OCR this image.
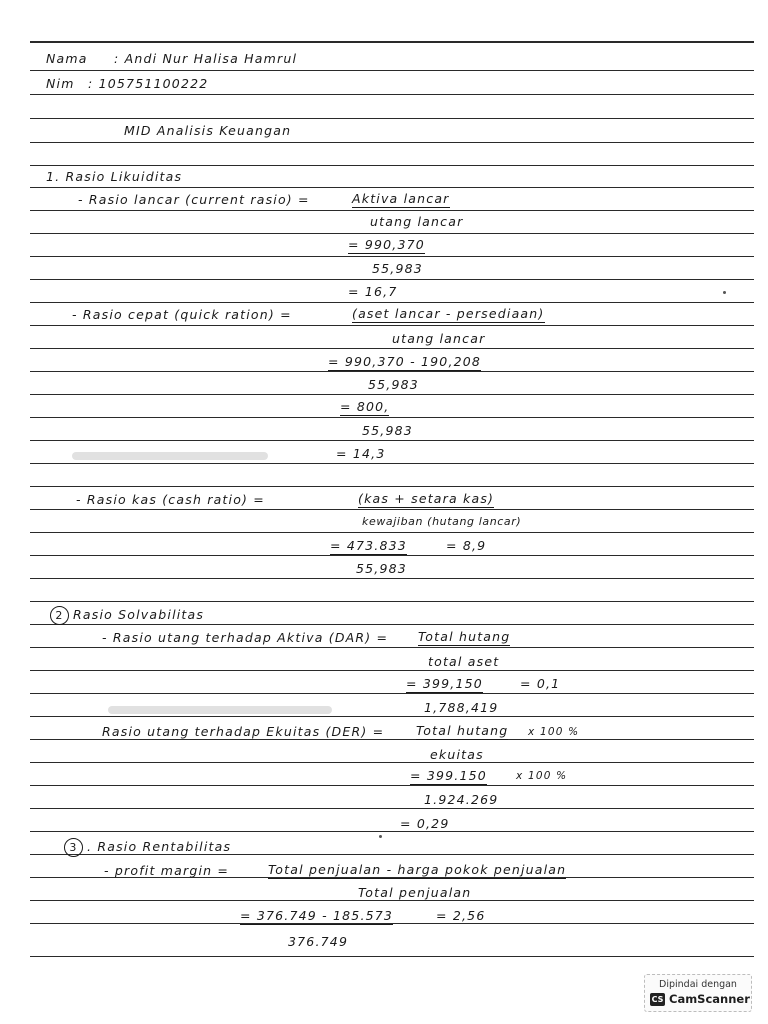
Nama : Andi Nur Halisa Hamrul
Nim : 105751100222
MID Analisis Keuangan
1. Rasio Likuiditas
- Rasio lancar (current rasio) =	Aktiva lancar
utang lancar
= 990,370
55,983
= 16,7
- Rasio cepat (quick ration) =	(aset lancar - persediaan)
utang lancar
= 990,370 - 190,208
55,983
= 800,
55,983
= 14,3
- Rasio kas (cash ratio) =	(kas + setara kas)
kewajiban (hutang lancar)
= 473.833	= 8,9
55,983
2 Rasio Solvabilitas
- Rasio utang terhadap Aktiva (DAR) = Total hutang
total aset
= 399,150	= 0,1
1,788,419
Rasio utang terhadap Ekuitas (DER) =	Total hutang x 100 %
ekuitas
= 399.150	x 100 %
1.924.269
= 0,29
3 . Rasio Rentabilitas
- profit margin =	Total penjualan - harga pokok penjualan
Total penjualan
= 376.749 - 185.573	= 2,56
376.749
Dipindai dengan
CS CamScanner
